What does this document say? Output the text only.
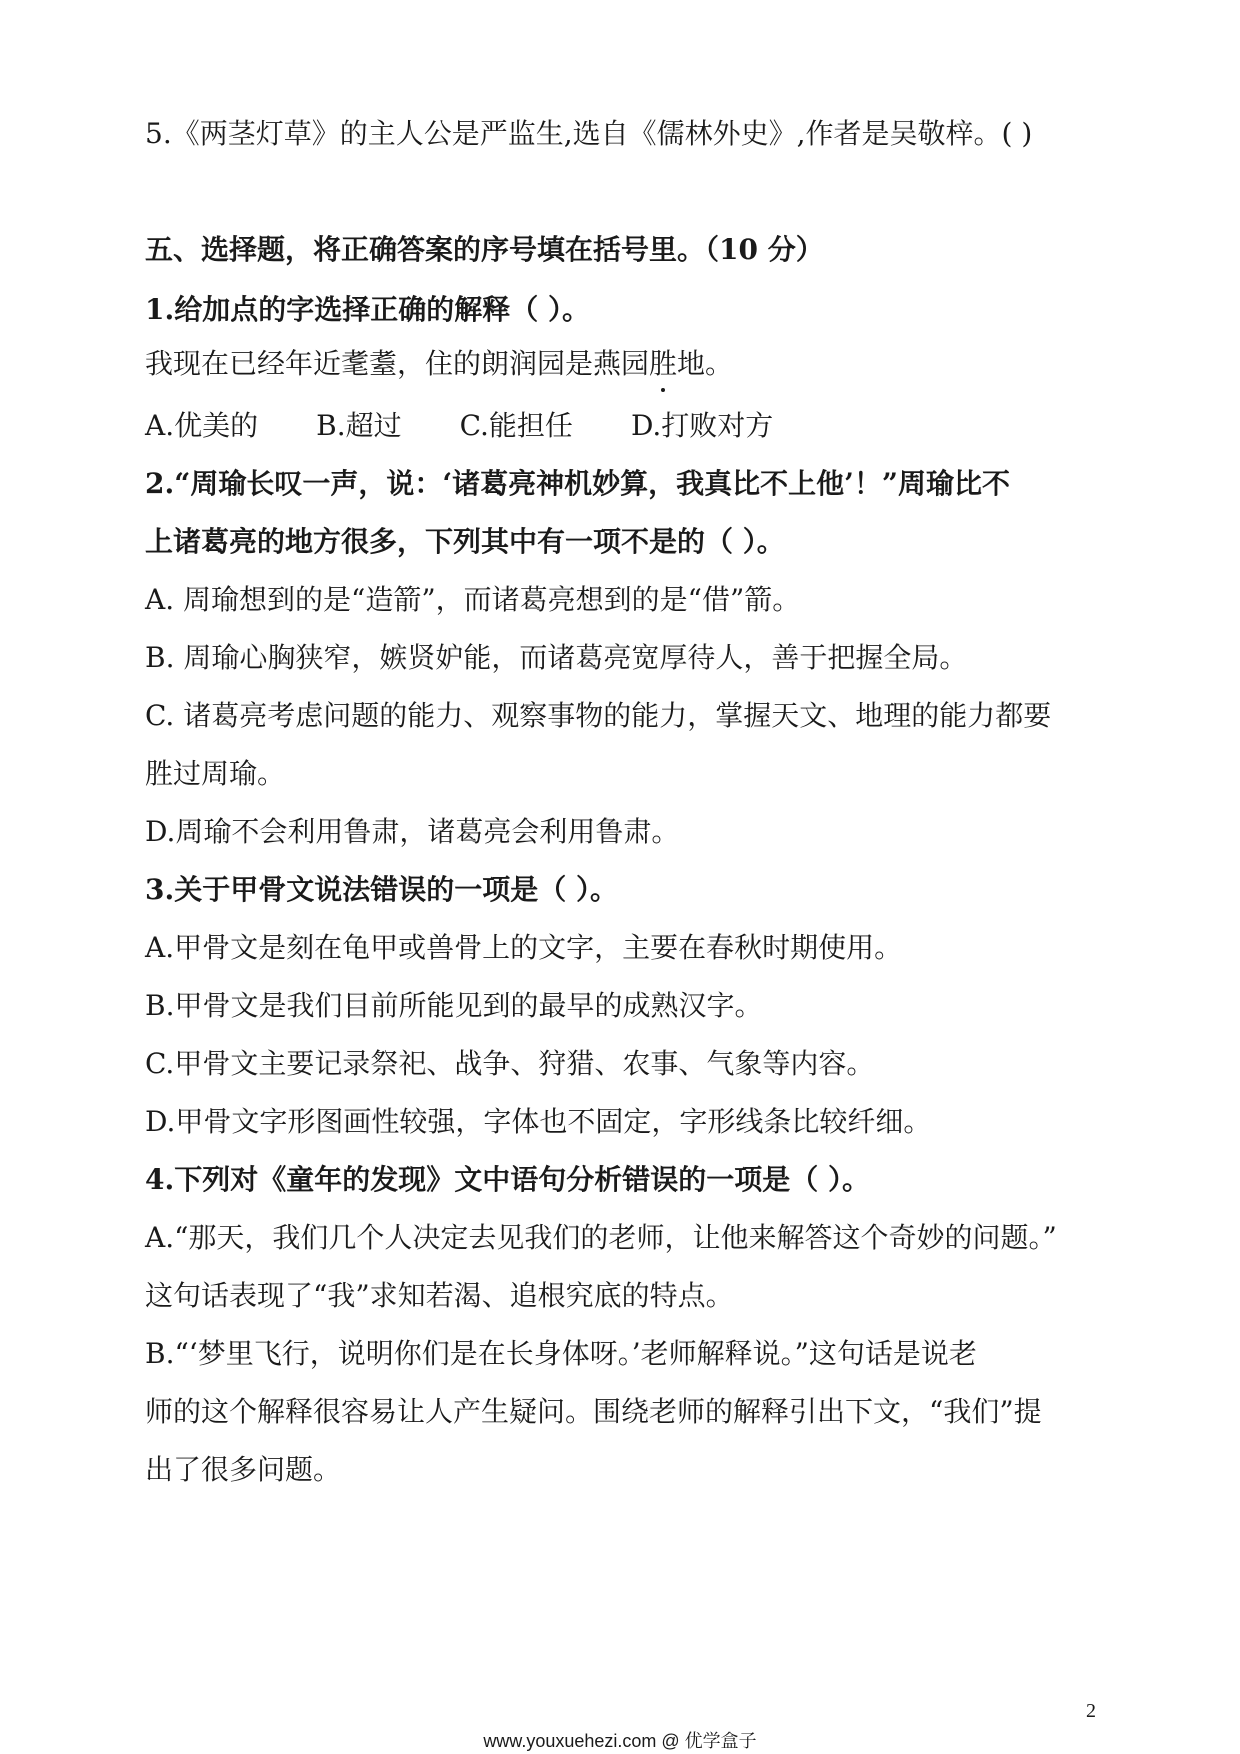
5.《两茎灯草》的主人公是严监生,选自《儒林外史》,作者是吴敬梓。( )
五、选择题，将正确答案的序号填在括号里。（10 分）
1.给加点的字选择正确的解释（ ）。
我现在已经年近耄耋，住的朗润园是燕园胜地。
A.优美的 B.超过 C.能担任 D.打败对方
2.“周瑜长叹一声，说：‘诸葛亮神机妙算，我真比不上他’！”周瑜比不
上诸葛亮的地方很多，下列其中有一项不是的（ ）。
A. 周瑜想到的是“造箭”，而诸葛亮想到的是“借”箭。
B. 周瑜心胸狭窄，嫉贤妒能，而诸葛亮宽厚待人，善于把握全局。
C. 诸葛亮考虑问题的能力、观察事物的能力，掌握天文、地理的能力都要
胜过周瑜。
D.周瑜不会利用鲁肃，诸葛亮会利用鲁肃。
3.关于甲骨文说法错误的一项是（ ）。
A.甲骨文是刻在龟甲或兽骨上的文字，主要在春秋时期使用。
B.甲骨文是我们目前所能见到的最早的成熟汉字。
C.甲骨文主要记录祭祀、战争、狩猎、农事、气象等内容。
D.甲骨文字形图画性较强，字体也不固定，字形线条比较纤细。
4.下列对《童年的发现》文中语句分析错误的一项是（ ）。
A.“那天，我们几个人决定去见我们的老师，让他来解答这个奇妙的问题。”
这句话表现了“我”求知若渴、追根究底的特点。
B.“‘梦里飞行，说明你们是在长身体呀。’老师解释说。”这句话是说老
师的这个解释很容易让人产生疑问。围绕老师的解释引出下文，“我们”提
出了很多问题。
2
www.youxuehezi.com @ 优学盒子
